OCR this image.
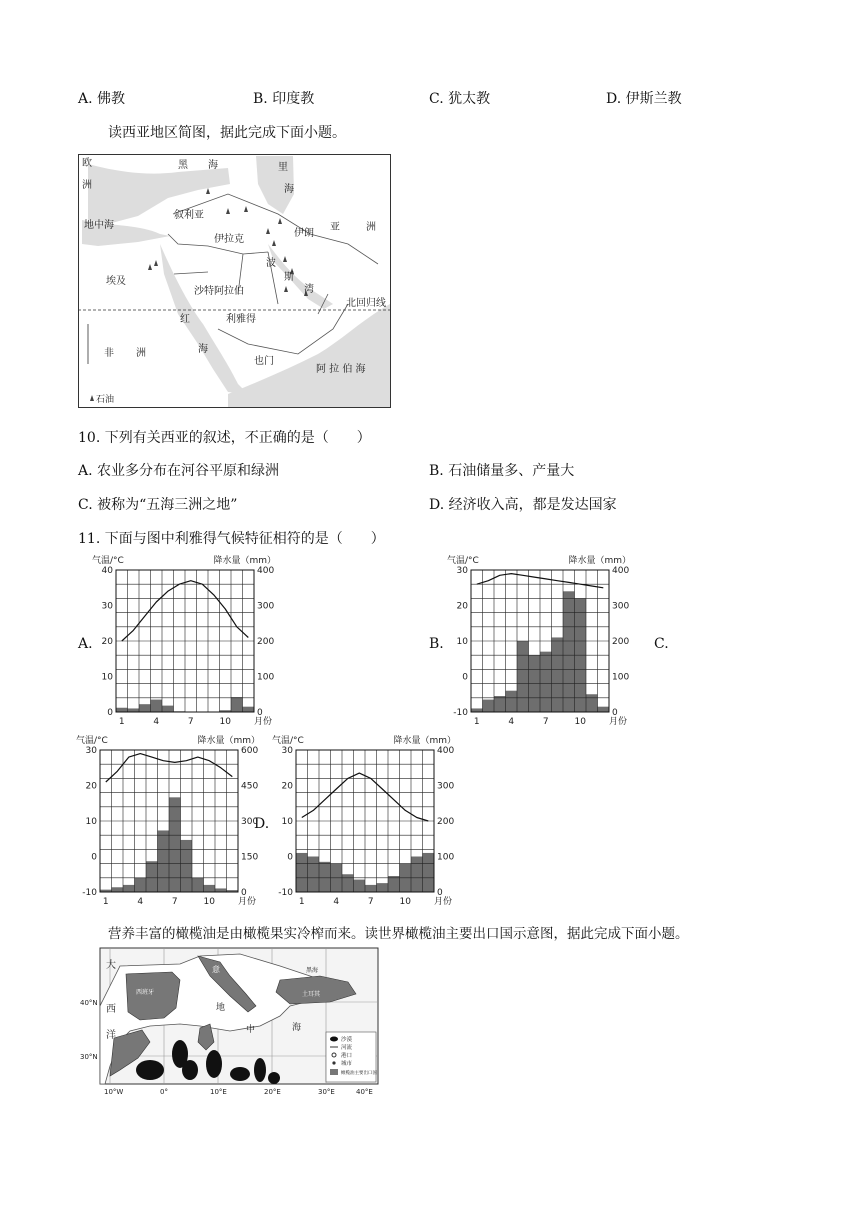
A. 佛教	B. 印度教	C. 犹太教	D. 伊斯兰教
读西亚地区简图，据此完成下面小题。
欧
洲
黑 海	里
海
叙利亚
地中海
伊拉克
伊朗
亚	洲
波
斯
湾
埃及
沙特阿拉伯
北回归线
红	利雅得
海
非 洲
也门
阿 拉 伯 海
石油
10. 下列有关西亚的叙述，不正确的是（　　）
A. 农业多分布在河谷平原和绿洲	B. 石油储量多、产量大
C. 被称为“五海三洲之地”	D. 经济收入高，都是发达国家
11. 下面与图中利雅得气候特征相符的是（　　）
A.	B.	C.
D.
气温/°C	降水量（mm）
40
30
20
10
0
400
300
200
100
0
1	4	7	10	月份
气温/°C	降水量（mm）
30
20
10
0
-10
400
300
200
100
0
1	4	7	10	月份
气温/°C	降水量（mm）
30
20
10
0
-10
600
450
300
150
0
1	4	7	10	月份
气温/°C	降水量（mm）
30
20
10
0
-10
400
300
200
100
0
1	4	7	10	月份
营养丰富的橄榄油是由橄榄果实冷榨而来。读世界橄榄油主要出口国示意图，据此完成下面小题。
40°N
30°N
10°W	0°	10°E	20°E	30°E	40°E
大
西
洋
西班牙
意
土耳其
黑海
地
中	海
沙漠
河流
港口
城市
橄榄油主要出口国
